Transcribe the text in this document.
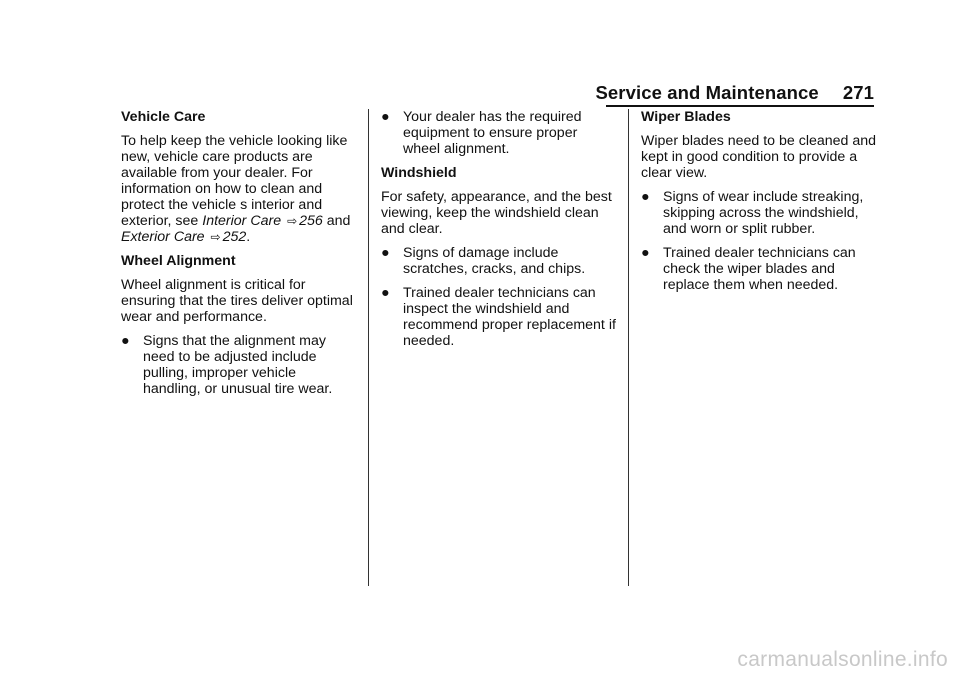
Service and Maintenance 271
Vehicle Care

To help keep the vehicle looking like new, vehicle care products are available from your dealer. For information on how to clean and protect the vehicle s interior and exterior, see Interior Care ⇨ 256 and Exterior Care ⇨ 252.

Wheel Alignment

Wheel alignment is critical for ensuring that the tires deliver optimal wear and performance.

● Signs that the alignment may need to be adjusted include pulling, improper vehicle handling, or unusual tire wear.
● Your dealer has the required equipment to ensure proper wheel alignment.
Windshield

For safety, appearance, and the best viewing, keep the windshield clean and clear.

● Signs of damage include scratches, cracks, and chips.
● Trained dealer technicians can inspect the windshield and recommend proper replacement if needed.
Wiper Blades

Wiper blades need to be cleaned and kept in good condition to provide a clear view.

● Signs of wear include streaking, skipping across the windshield, and worn or split rubber.
● Trained dealer technicians can check the wiper blades and replace them when needed.
carmanualsonline.info
